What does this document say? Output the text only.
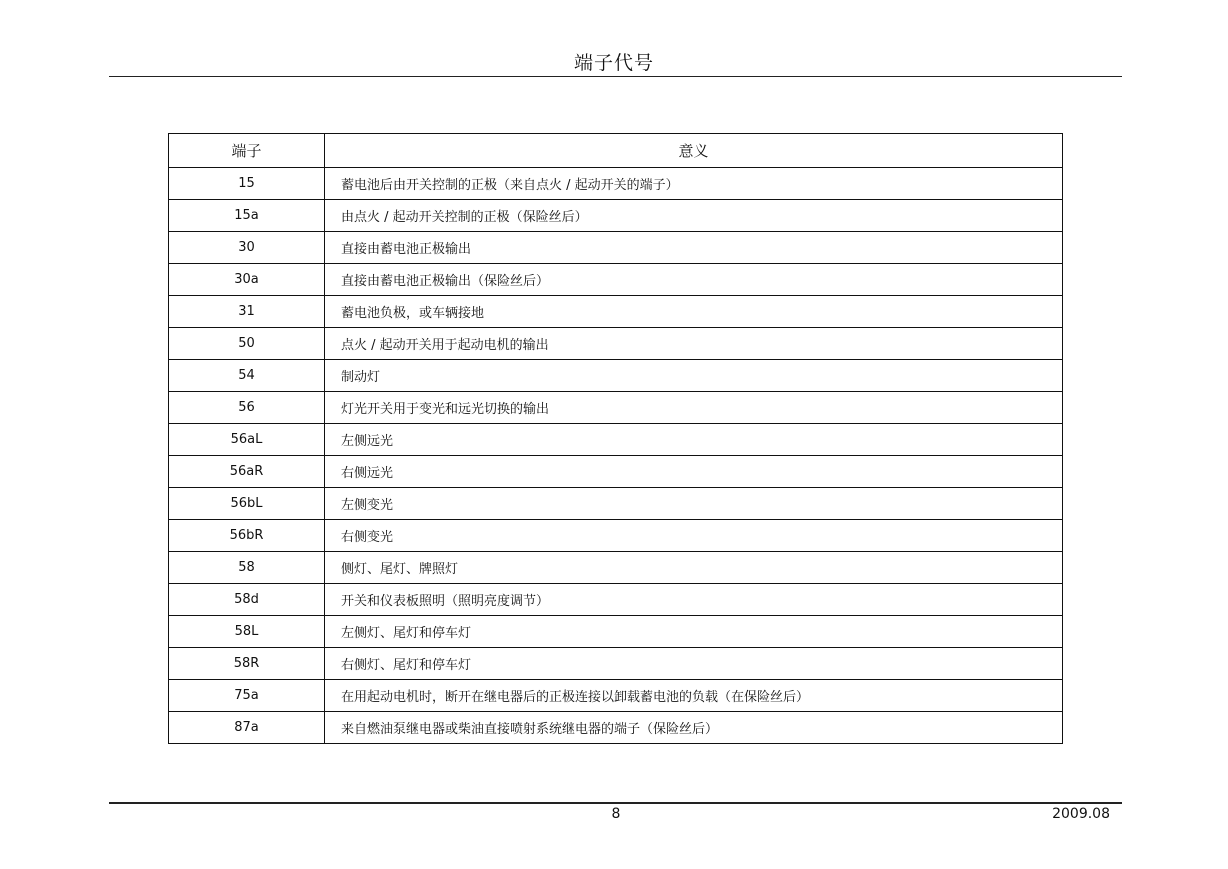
端子代号
端子	意义
15	蓄电池后由开关控制的正极（来自点火 / 起动开关的端子）
15a	由点火 / 起动开关控制的正极（保险丝后）
30	直接由蓄电池正极输出
30a	直接由蓄电池正极输出（保险丝后）
31	蓄电池负极，或车辆接地
50	点火 / 起动开关用于起动电机的输出
54	制动灯
56	灯光开关用于变光和远光切换的输出
56aL	左侧远光
56aR	右侧远光
56bL	左侧变光
56bR	右侧变光
58	侧灯、尾灯、牌照灯
58d	开关和仪表板照明（照明亮度调节）
58L	左侧灯、尾灯和停车灯
58R	右侧灯、尾灯和停车灯
75a	在用起动电机时，断开在继电器后的正极连接以卸载蓄电池的负载（在保险丝后）
87a	来自燃油泵继电器或柴油直接喷射系统继电器的端子（保险丝后）
8	2009.08
